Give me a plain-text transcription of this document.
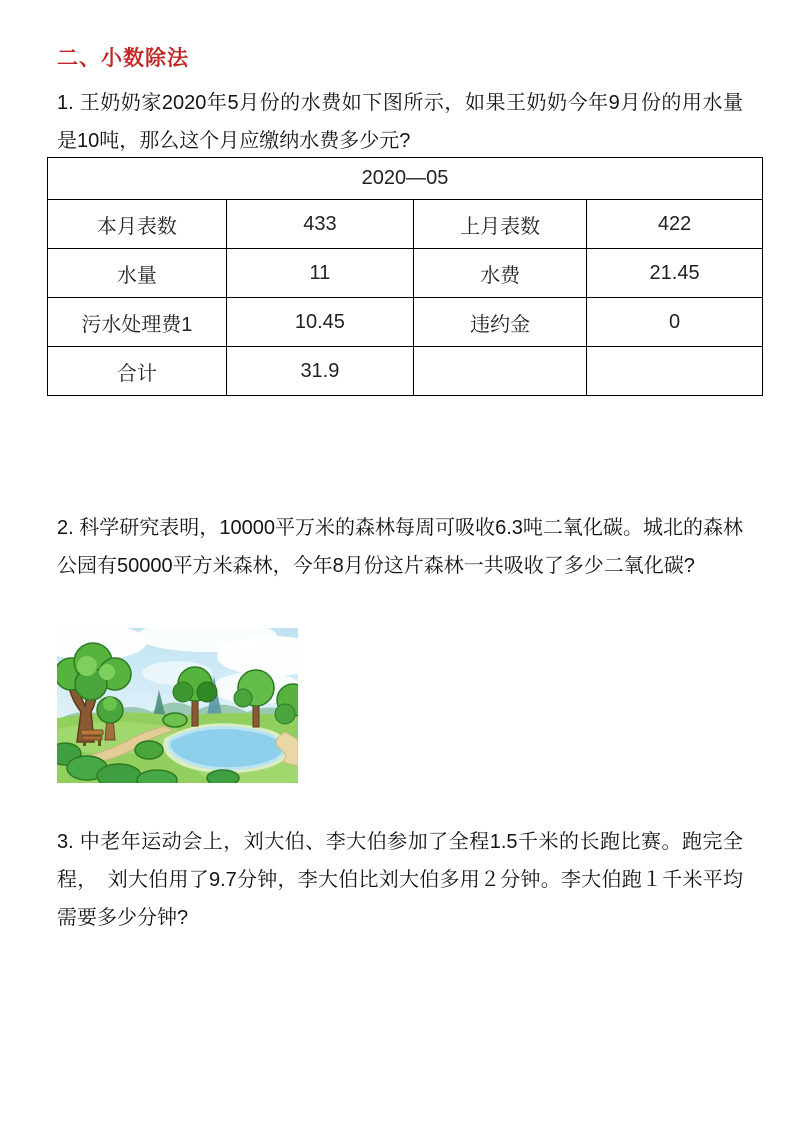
二、小数除法
1. 王奶奶家2020年5月份的水费如下图所示，如果王奶奶今年9月份的用水量是10吨，那么这个月应缴纳水费多少元?
2020—05			
本月表数	433	上月表数	422
水量	11	水费	21.45
污水处理费1	10.45	违约金	0
合计	31.9		
2. 科学研究表明，10000平万米的森林每周可吸收6.3吨二氧化碳。城北的森林公园有50000平方米森林，今年8月份这片森林一共吸收了多少二氧化碳?
3. 中老年运动会上，刘大伯、李大伯参加了全程1.5千米的长跑比赛。跑完全程，　刘大伯用了9.7分钟，李大伯比刘大伯多用２分钟。李大伯跑１千米平均需要多少分钟?
